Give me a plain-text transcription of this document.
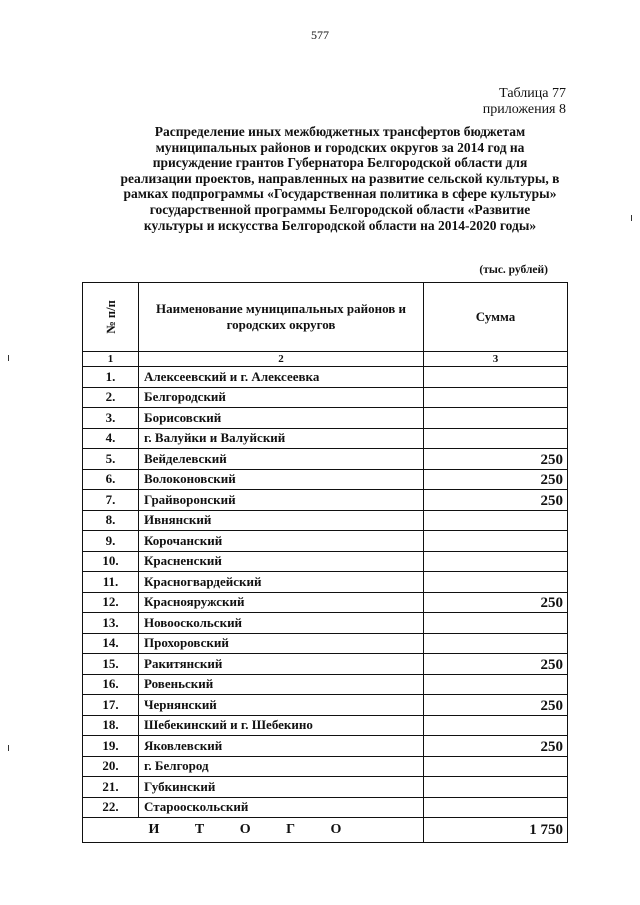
577
Таблица 77
приложения 8
Распределение иных межбюджетных трансфертов бюджетам
муниципальных районов и городских округов за 2014 год на
присуждение грантов Губернатора Белгородской области для
реализации проектов, направленных на развитие сельской культуры, в
рамках подпрограммы «Государственная политика в сфере культуры»
государственной программы Белгородской области «Развитие
культуры и искусства Белгородской области на 2014-2020 годы»
(тыс. рублей)
№ п/п	Наименование муниципальных районов и городских округов	Сумма
1	2	3
1.	Алексеевский и г. Алексеевка	
2.	Белгородский	
3.	Борисовский	
4.	г. Валуйки и Валуйский	
5.	Вейделевский	250
6.	Волоконовский	250
7.	Грайворонский	250
8.	Ивнянский	
9.	Корочанский	
10.	Красненский	
11.	Красногвардейский	
12.	Краснояружский	250
13.	Новооскольский	
14.	Прохоровский	
15.	Ракитянский	250
16.	Ровеньский	
17.	Чернянский	250
18.	Шебекинский и г. Шебекино	
19.	Яковлевский	250
20.	г. Белгород	
21.	Губкинский	
22.	Старооскольский	
И Т О Г О		1 750
